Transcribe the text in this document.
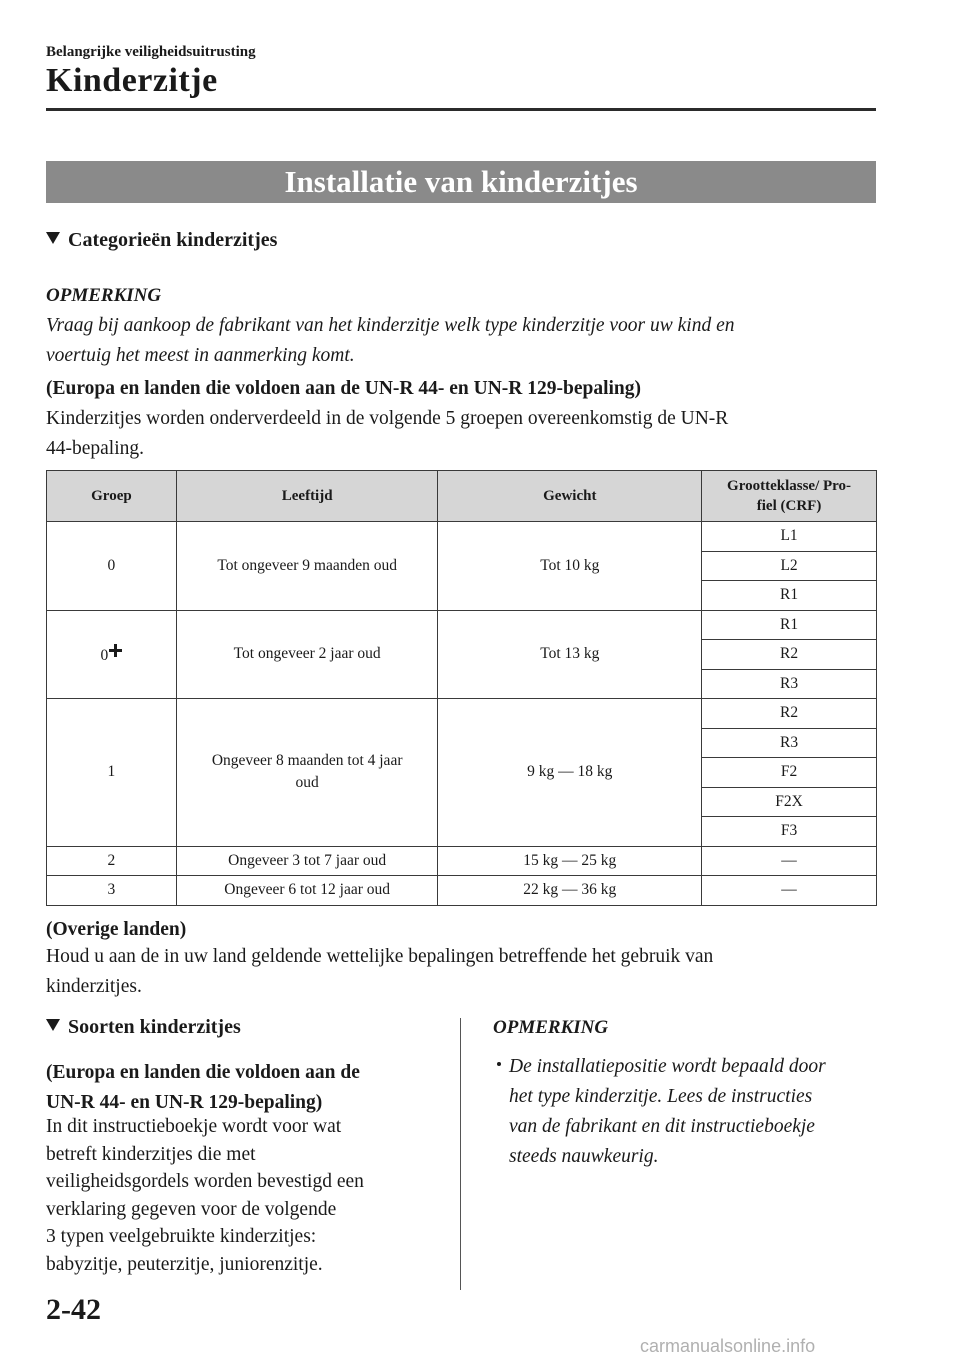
Belangrijke veiligheidsuitrusting
Kinderzitje
Installatie van kinderzitjes
Categorieën kinderzitjes
OPMERKING
Vraag bij aankoop de fabrikant van het kinderzitje welk type kinderzitje voor uw kind en
voertuig het meest in aanmerking komt.
(Europa en landen die voldoen aan de UN-R 44- en UN-R 129-bepaling)
Kinderzitjes worden onderverdeeld in de volgende 5 groepen overeenkomstig de UN-R
44-bepaling.
Groep	Leeftijd	Gewicht	Grootteklasse/ Pro-
fiel (CRF)

0	Tot ongeveer 9 maanden oud	Tot 10 kg	L1
			L2
			R1
0	Tot ongeveer 2 jaar oud	Tot 13 kg	R1
			R2
			R3
1	Ongeveer 8 maanden tot 4 jaar
oud	9 kg — 18 kg	R2
			R3
			F2
			F2X
			F3
2	Ongeveer 3 tot 7 jaar oud	15 kg — 25 kg	—
3	Ongeveer 6 tot 12 jaar oud	22 kg — 36 kg	—
(Overige landen)
Houd u aan de in uw land geldende wettelijke bepalingen betreffende het gebruik van
kinderzitjes.
Soorten kinderzitjes
(Europa en landen die voldoen aan de
UN-R 44- en UN-R 129-bepaling)
In dit instructieboekje wordt voor wat
betreft kinderzitjes die met
veiligheidsgordels worden bevestigd een
verklaring gegeven voor de volgende
3 typen veelgebruikte kinderzitjes:
babyzitje, peuterzitje, juniorenzitje.
OPMERKING
De installatiepositie wordt bepaald door
het type kinderzitje. Lees de instructies
van de fabrikant en dit instructieboekje
steeds nauwkeurig.
2-42
carmanualsonline.info
